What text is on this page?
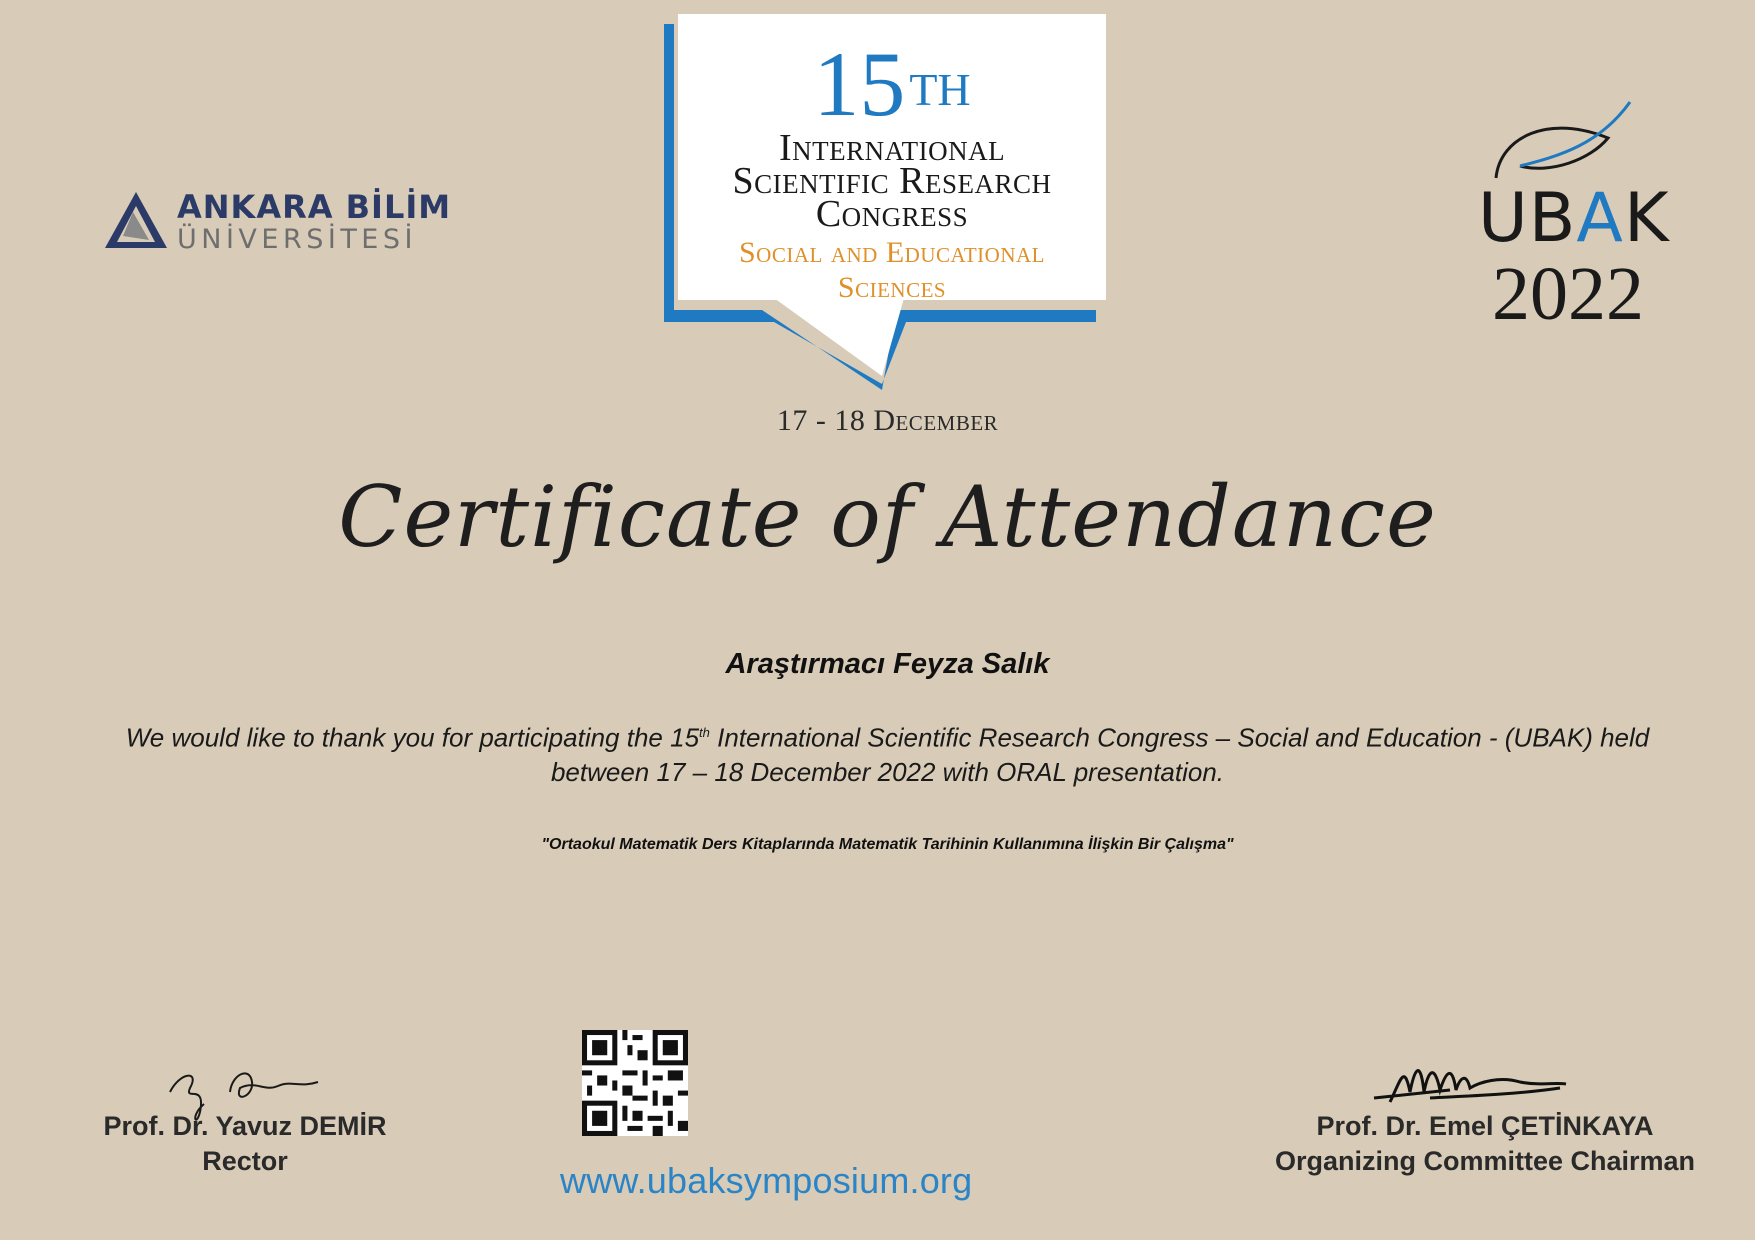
ANKARA BİLİM
ÜNİVERSİTESİ
15TH
International
Scientific Research
Congress
Social and Educational
Sciences
UBAK
2022
17 - 18 December
Certificate of Attendance
Araştırmacı Feyza Salık
We would like to thank you for participating the 15th International Scientific Research Congress – Social and Education - (UBAK) held
between 17 – 18 December 2022 with ORAL presentation.
"Ortaokul Matematik Ders Kitaplarında Matematik Tarihinin Kullanımına İlişkin Bir Çalışma"
Prof. Dr. Yavuz DEMİR
Rector	www.ubaksymposium.org
Prof. Dr. Emel ÇETİNKAYA
Organizing Committee Chairman
